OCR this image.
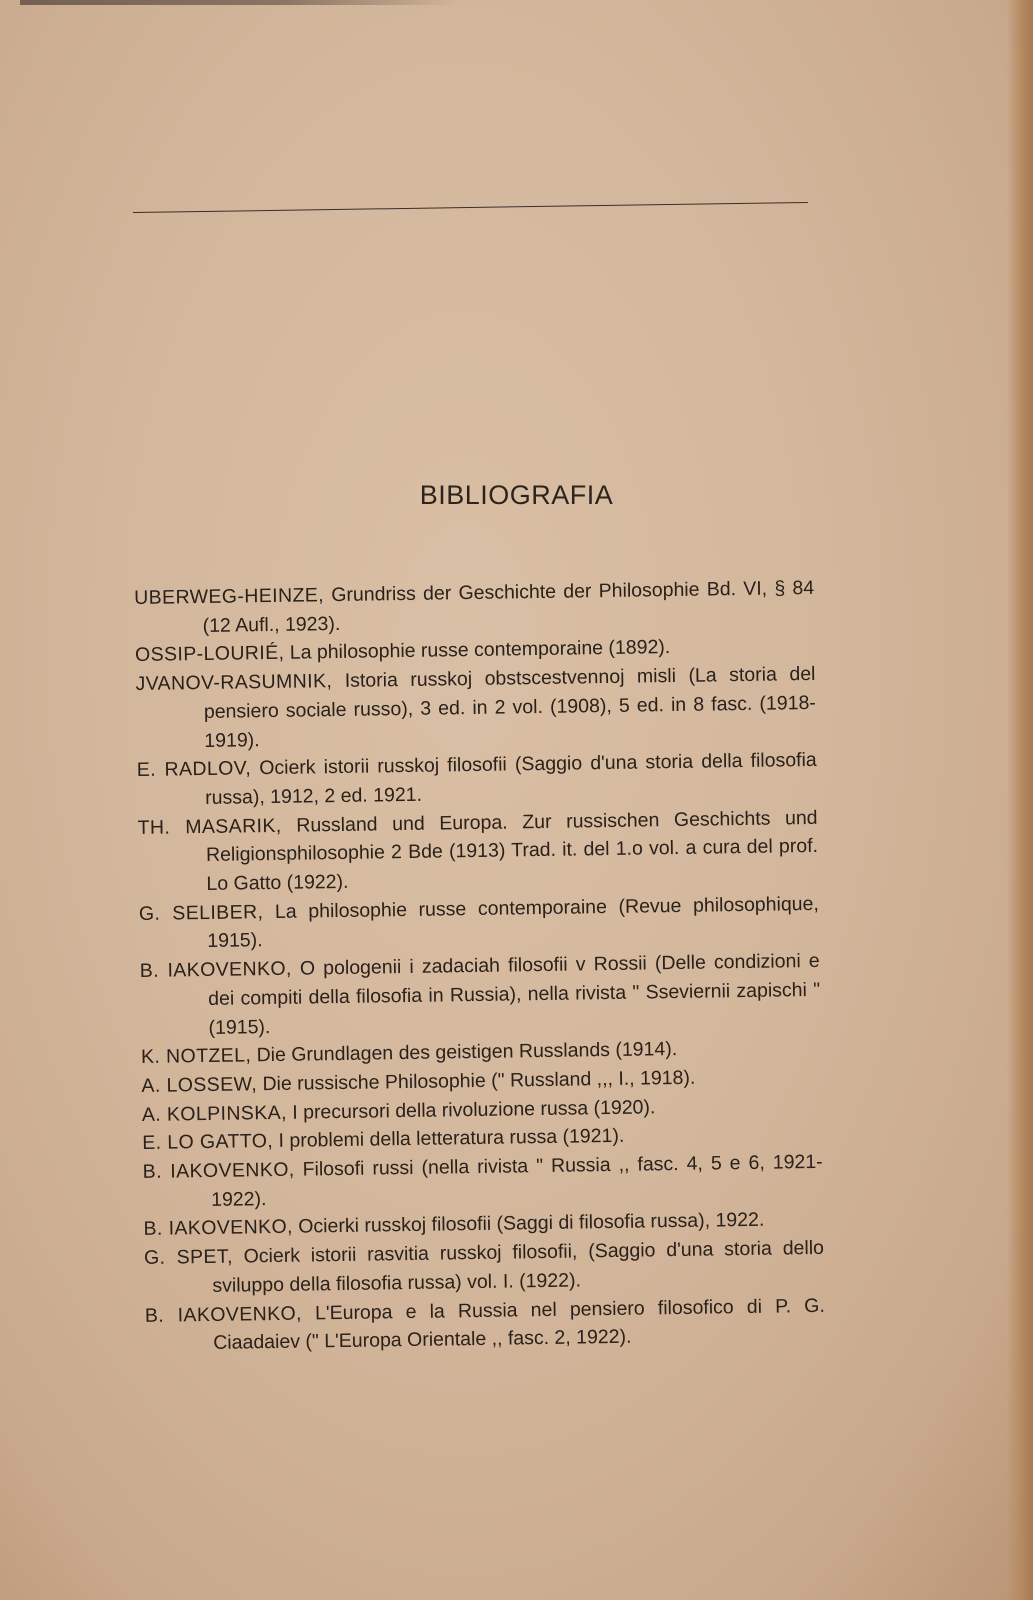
BIBLIOGRAFIA
UBERWEG-HEINZE, Grundriss der Geschichte der Philosophie Bd. VI, § 84 (12 Aufl., 1923).
OSSIP-LOURIÉ, La philosophie russe contemporaine (1892).
JVANOV-RASUMNIK, Istoria russkoj obstscestvennoj misli (La storia del pensiero sociale russo), 3 ed. in 2 vol. (1908), 5 ed. in 8 fasc. (1918-1919).
E. RADLOV, Ocierk istorii russkoj filosofii (Saggio d'una storia della filosofia russa), 1912, 2 ed. 1921.
TH. MASARIK, Russland und Europa. Zur russischen Geschichts und Religionsphilosophie 2 Bde (1913) Trad. it. del 1.o vol. a cura del prof. Lo Gatto (1922).
G. SELIBER, La philosophie russe contemporaine (Revue philosophique, 1915).
B. IAKOVENKO, O pologenii i zadaciah filosofii v Rossii (Delle condizioni e dei compiti della filosofia in Russia), nella rivista " Sseviernii zapischi " (1915).
K. NOTZEL, Die Grundlagen des geistigen Russlands (1914).
A. LOSSEW, Die russische Philosophie (" Russland ,,, I., 1918).
A. KOLPINSKA, I precursori della rivoluzione russa (1920).
E. LO GATTO, I problemi della letteratura russa (1921).
B. IAKOVENKO, Filosofi russi (nella rivista " Russia ,, fasc. 4, 5 e 6, 1921-1922).
B. IAKOVENKO, Ocierki russkoj filosofii (Saggi di filosofia russa), 1922.
G. SPET, Ocierk istorii rasvitia russkoj filosofii, (Saggio d'una storia dello sviluppo della filosofia russa) vol. I. (1922).
B. IAKOVENKO, L'Europa e la Russia nel pensiero filosofico di P. G. Ciaadaiev (" L'Europa Orientale ,, fasc. 2, 1922).
